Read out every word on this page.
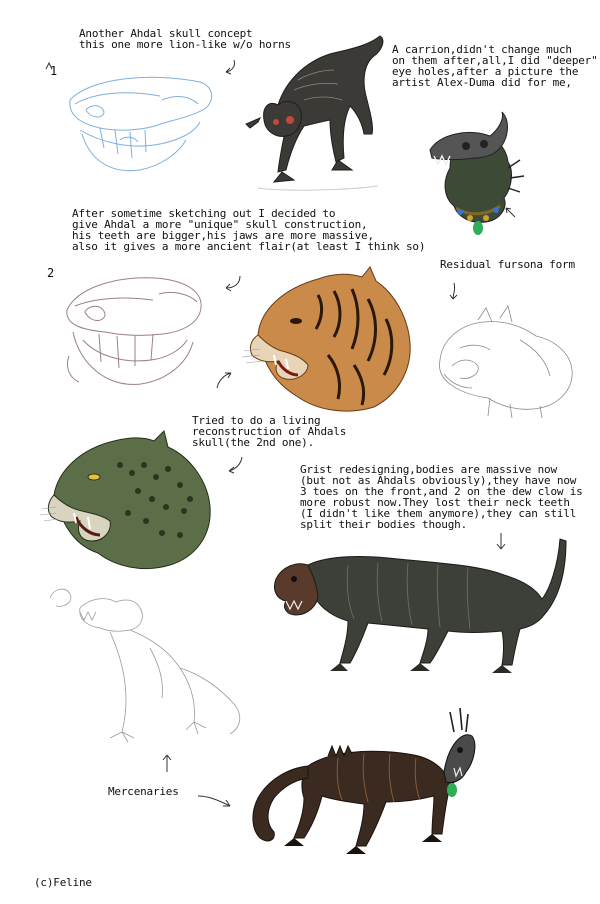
Another Ahdal skull concept
this one more lion-like w/o horns	A carrion,didn't change much
on them after,all,I did "deeper"
eye holes,after a picture the
artist Alex-Duma did for me,
After sometime sketching out I decided to
give Ahdal a more "unique" skull construction,
his teeth are bigger,his jaws are more massive,
also it gives a more ancient flair(at least I think so)
Residual fursona form
Tried to do a living
reconstruction of Ahdals
skull(the 2nd one).
Grist redesigning,bodies are massive now
(but not as Ahdals obviously),they have now
3 toes on the front,and 2 on the dew clow is
more robust now.They lost their neck teeth
(I didn't like them anymore),they can still
split their bodies though.
Mercenaries
(c)Feline
1
2
